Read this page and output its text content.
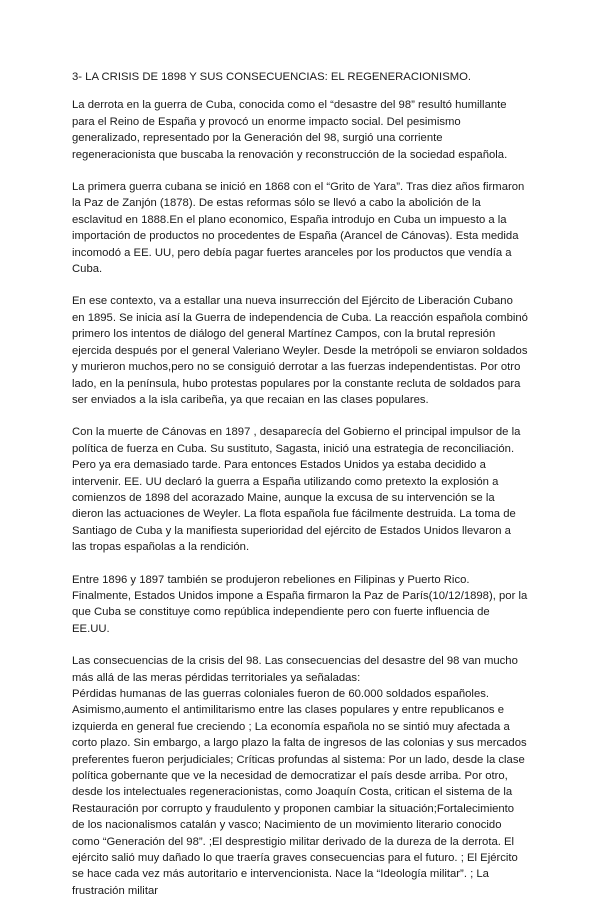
3- LA CRISIS DE 1898 Y SUS CONSECUENCIAS: EL REGENERACIONISMO.

La derrota en la guerra de Cuba, conocida como el “desastre del 98” resultó humillante para el Reino de España y provocó un enorme impacto social. Del pesimismo generalizado, representado por la Generación del 98, surgió una corriente regeneracionista que buscaba la renovación y reconstrucción de la sociedad española.

La primera guerra cubana se inició en 1868 con el “Grito de Yara”. Tras diez años firmaron la Paz de Zanjón (1878). De estas reformas sólo se llevó a cabo la abolición de la esclavitud en 1888.En el plano economico, España introdujo en Cuba un impuesto a la importación de productos no procedentes de España (Arancel de Cánovas). Esta medida incomodó a EE. UU, pero debía pagar fuertes aranceles por los productos que vendía a Cuba.

En ese contexto, va a estallar una nueva insurrección del Ejército de Liberación Cubano en 1895. Se inicia así la Guerra de independencia de Cuba. La reacción española combinó primero los intentos de diálogo del general Martínez Campos, con la brutal represión ejercida después por el general Valeriano Weyler. Desde la metrópoli se enviaron soldados y murieron muchos,pero no se consiguió derrotar a las fuerzas independentistas. Por otro lado, en la península, hubo protestas populares por la constante recluta de soldados para ser enviados a la isla caribeña, ya que recaian en las clases populares.

Con la muerte de Cánovas en 1897 , desaparecía del Gobierno el principal impulsor de la política de fuerza en Cuba. Su sustituto, Sagasta, inició una estrategia de reconciliación. Pero ya era demasiado tarde. Para entonces Estados Unidos ya estaba decidido a intervenir. EE. UU declaró la guerra a España utilizando como pretexto la explosión a comienzos de 1898 del acorazado Maine, aunque la excusa de su intervención se la dieron las actuaciones de Weyler. La flota española fue fácilmente destruida. La toma de Santiago de Cuba y la manifiesta superioridad del ejército de Estados Unidos llevaron a las tropas españolas a la rendición.

Entre 1896 y 1897 también se produjeron rebeliones en Filipinas y Puerto Rico. Finalmente, Estados Unidos impone a España firmaron la Paz de París(10/12/1898), por la que Cuba se constituye como república independiente pero con fuerte influencia de EE.UU.

Las consecuencias de la crisis del 98. Las consecuencias del desastre del 98 van mucho más allá de las meras pérdidas territoriales ya señaladas:

Pérdidas humanas de las guerras coloniales fueron de 60.000 soldados españoles. Asimismo,aumento el antimilitarismo entre las clases populares y entre republicanos e izquierda en general fue creciendo ; La economía española no se sintió muy afectada a corto plazo. Sin embargo, a largo plazo la falta de ingresos de las colonias y sus mercados preferentes fueron perjudiciales; Críticas profundas al sistema: Por un lado, desde la clase política gobernante que ve la necesidad de democratizar el país desde arriba. Por otro, desde los intelectuales regeneracionistas, como Joaquín Costa, critican el sistema de la Restauración por corrupto y fraudulento y proponen cambiar la situación;Fortalecimiento de los nacionalismos catalán y vasco; Nacimiento de un movimiento literario conocido como “Generación del 98”. ;El desprestigio militar derivado de la dureza de la derrota. El ejército salió muy dañado lo que traería graves consecuencias para el futuro. ; El Ejército se hace cada vez más autoritario e intervencionista. Nace la “Ideología militar”. ; La frustración militar
